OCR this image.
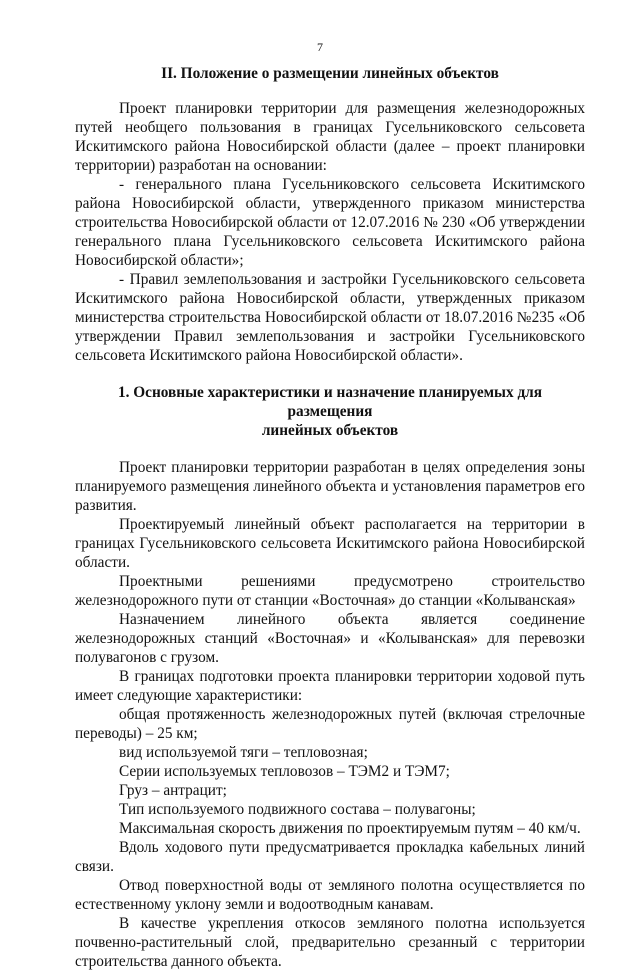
7

II. Положение о размещении линейных объектов

Проект планировки территории для размещения железнодорожных путей необщего пользования в границах Гусельниковского сельсовета Искитимского района Новосибирской области (далее – проект планировки территории) разработан на основании:

- генерального плана Гусельниковского сельсовета Искитимского района Новосибирской области, утвержденного приказом министерства строительства Новосибирской области от 12.07.2016 № 230 «Об утверждении генерального плана Гусельниковского сельсовета Искитимского района Новосибирской области»;

- Правил землепользования и застройки Гусельниковского сельсовета Искитимского района Новосибирской области, утвержденных приказом министерства строительства Новосибирской области от 18.07.2016 №235 «Об утверждении Правил землепользования и застройки Гусельниковского сельсовета Искитимского района Новосибирской области».

1. Основные характеристики и назначение планируемых для размещения
линейных объектов

Проект планировки территории разработан в целях определения зоны планируемого размещения линейного объекта и установления параметров его развития.

Проектируемый линейный объект располагается на территории в границах Гусельниковского сельсовета Искитимского района Новосибирской области.

Проектными решениями предусмотрено строительство железнодорожного пути от станции «Восточная» до станции «Колыванская»

Назначением линейного объекта является соединение железнодорожных станций «Восточная» и «Колыванская» для перевозки полувагонов с грузом.

В границах подготовки проекта планировки территории ходовой путь имеет следующие характеристики:

общая протяженность железнодорожных путей (включая стрелочные переводы) – 25 км;

вид используемой тяги – тепловозная;

Серии используемых тепловозов – ТЭМ2 и ТЭМ7;

Груз – антрацит;

Тип используемого подвижного состава – полувагоны;

Максимальная скорость движения по проектируемым путям – 40 км/ч.

Вдоль ходового пути предусматривается прокладка кабельных линий связи.

Отвод поверхностной воды от земляного полотна осуществляется по естественному уклону земли и водоотводным канавам.

В качестве укрепления откосов земляного полотна используется почвенно-растительный слой, предварительно срезанный с территории строительства данного объекта.
